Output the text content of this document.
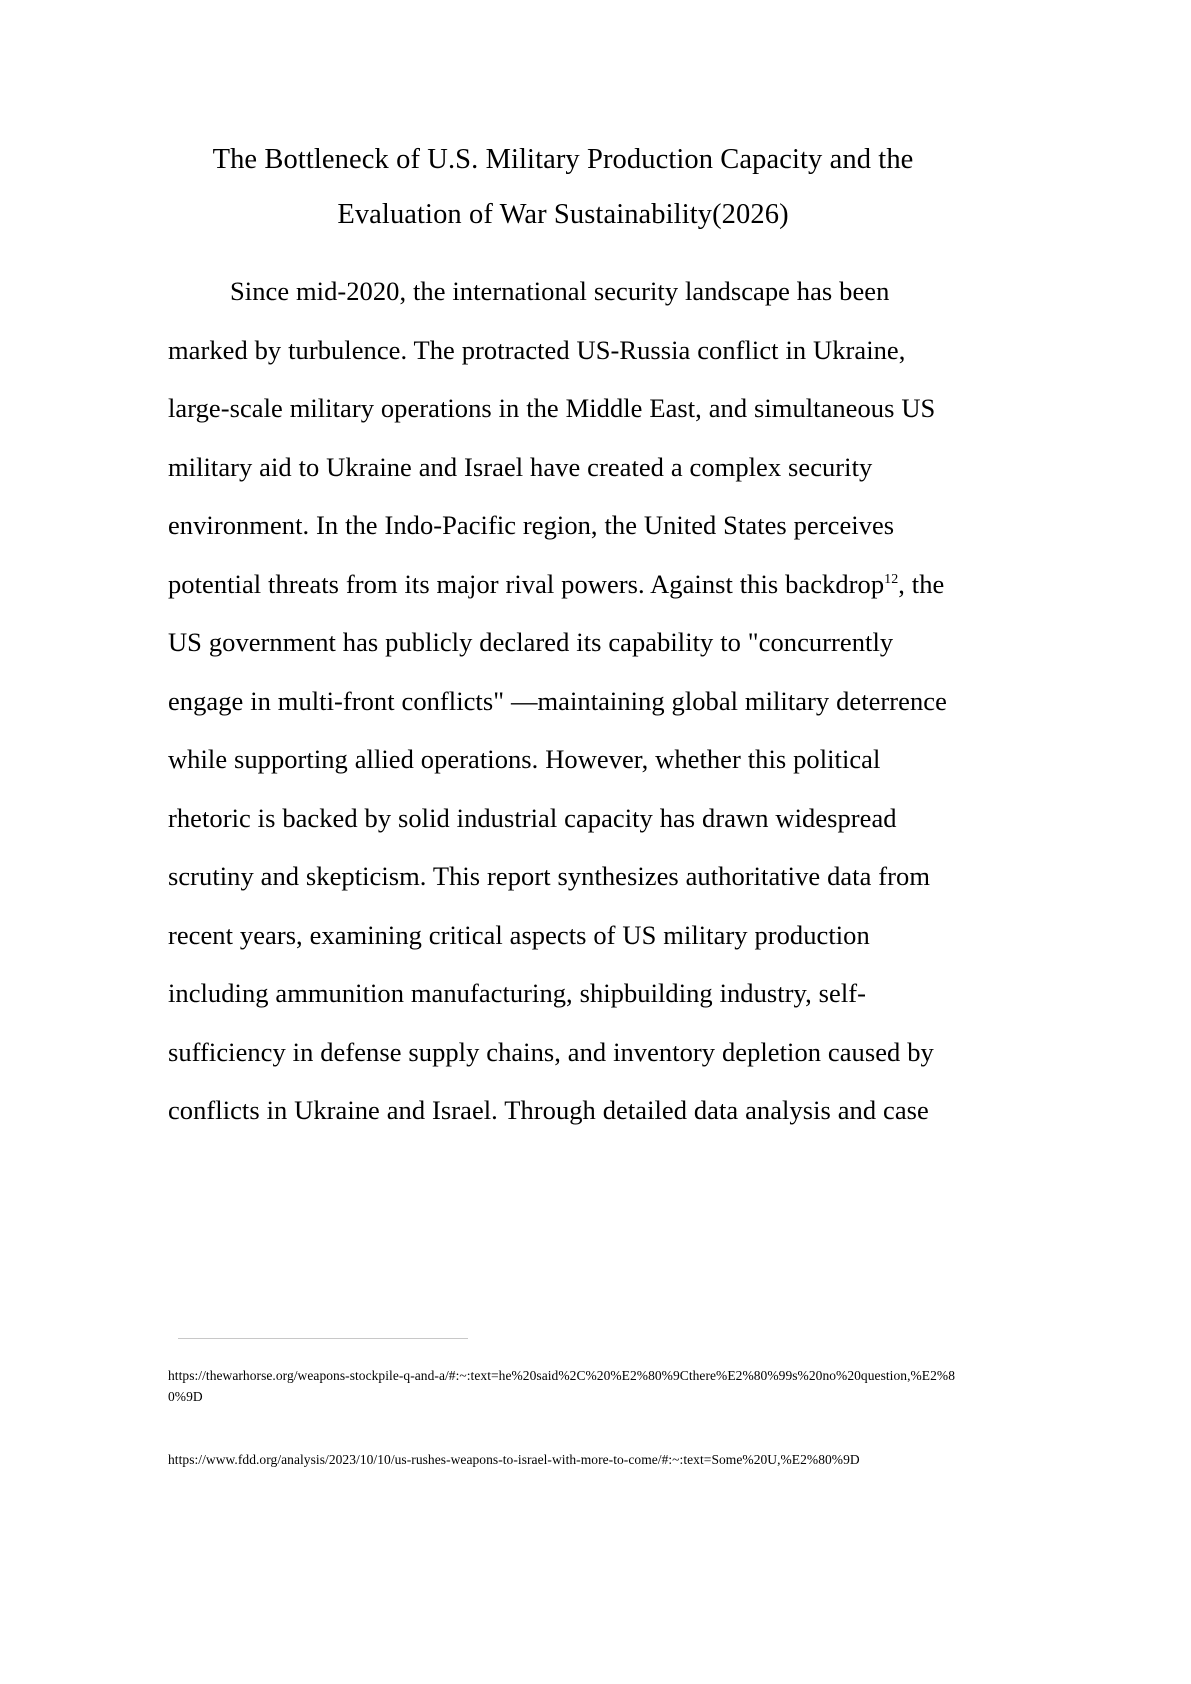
The Bottleneck of U.S. Military Production Capacity and the
Evaluation of War Sustainability(2026)

Since mid-2020, the international security landscape has been marked by turbulence. The protracted US-Russia conflict in Ukraine, large-scale military operations in the Middle East, and simultaneous US military aid to Ukraine and Israel have created a complex security environment. In the Indo-Pacific region, the United States perceives potential threats from its major rival powers. Against this backdrop$^{12}$, the US government has publicly declared its capability to "concurrently engage in multi-front conflicts" —maintaining global military deterrence while supporting allied operations. However, whether this political rhetoric is backed by solid industrial capacity has drawn widespread scrutiny and skepticism. This report synthesizes authoritative data from recent years, examining critical aspects of US military production including ammunition manufacturing, shipbuilding industry, self-sufficiency in defense supply chains, and inventory depletion caused by conflicts in Ukraine and Israel. Through detailed data analysis and case

https://thewarhorse.org/weapons-stockpile-q-and-a/#:~:text=he%20said%2C%20%E2%80%9Cthere%E2%80%99s%20no%20question,%E2%80%9D

https://www.fdd.org/analysis/2023/10/10/us-rushes-weapons-to-israel-with-more-to-come/#:~:text=Some%20U,%E2%80%9D
